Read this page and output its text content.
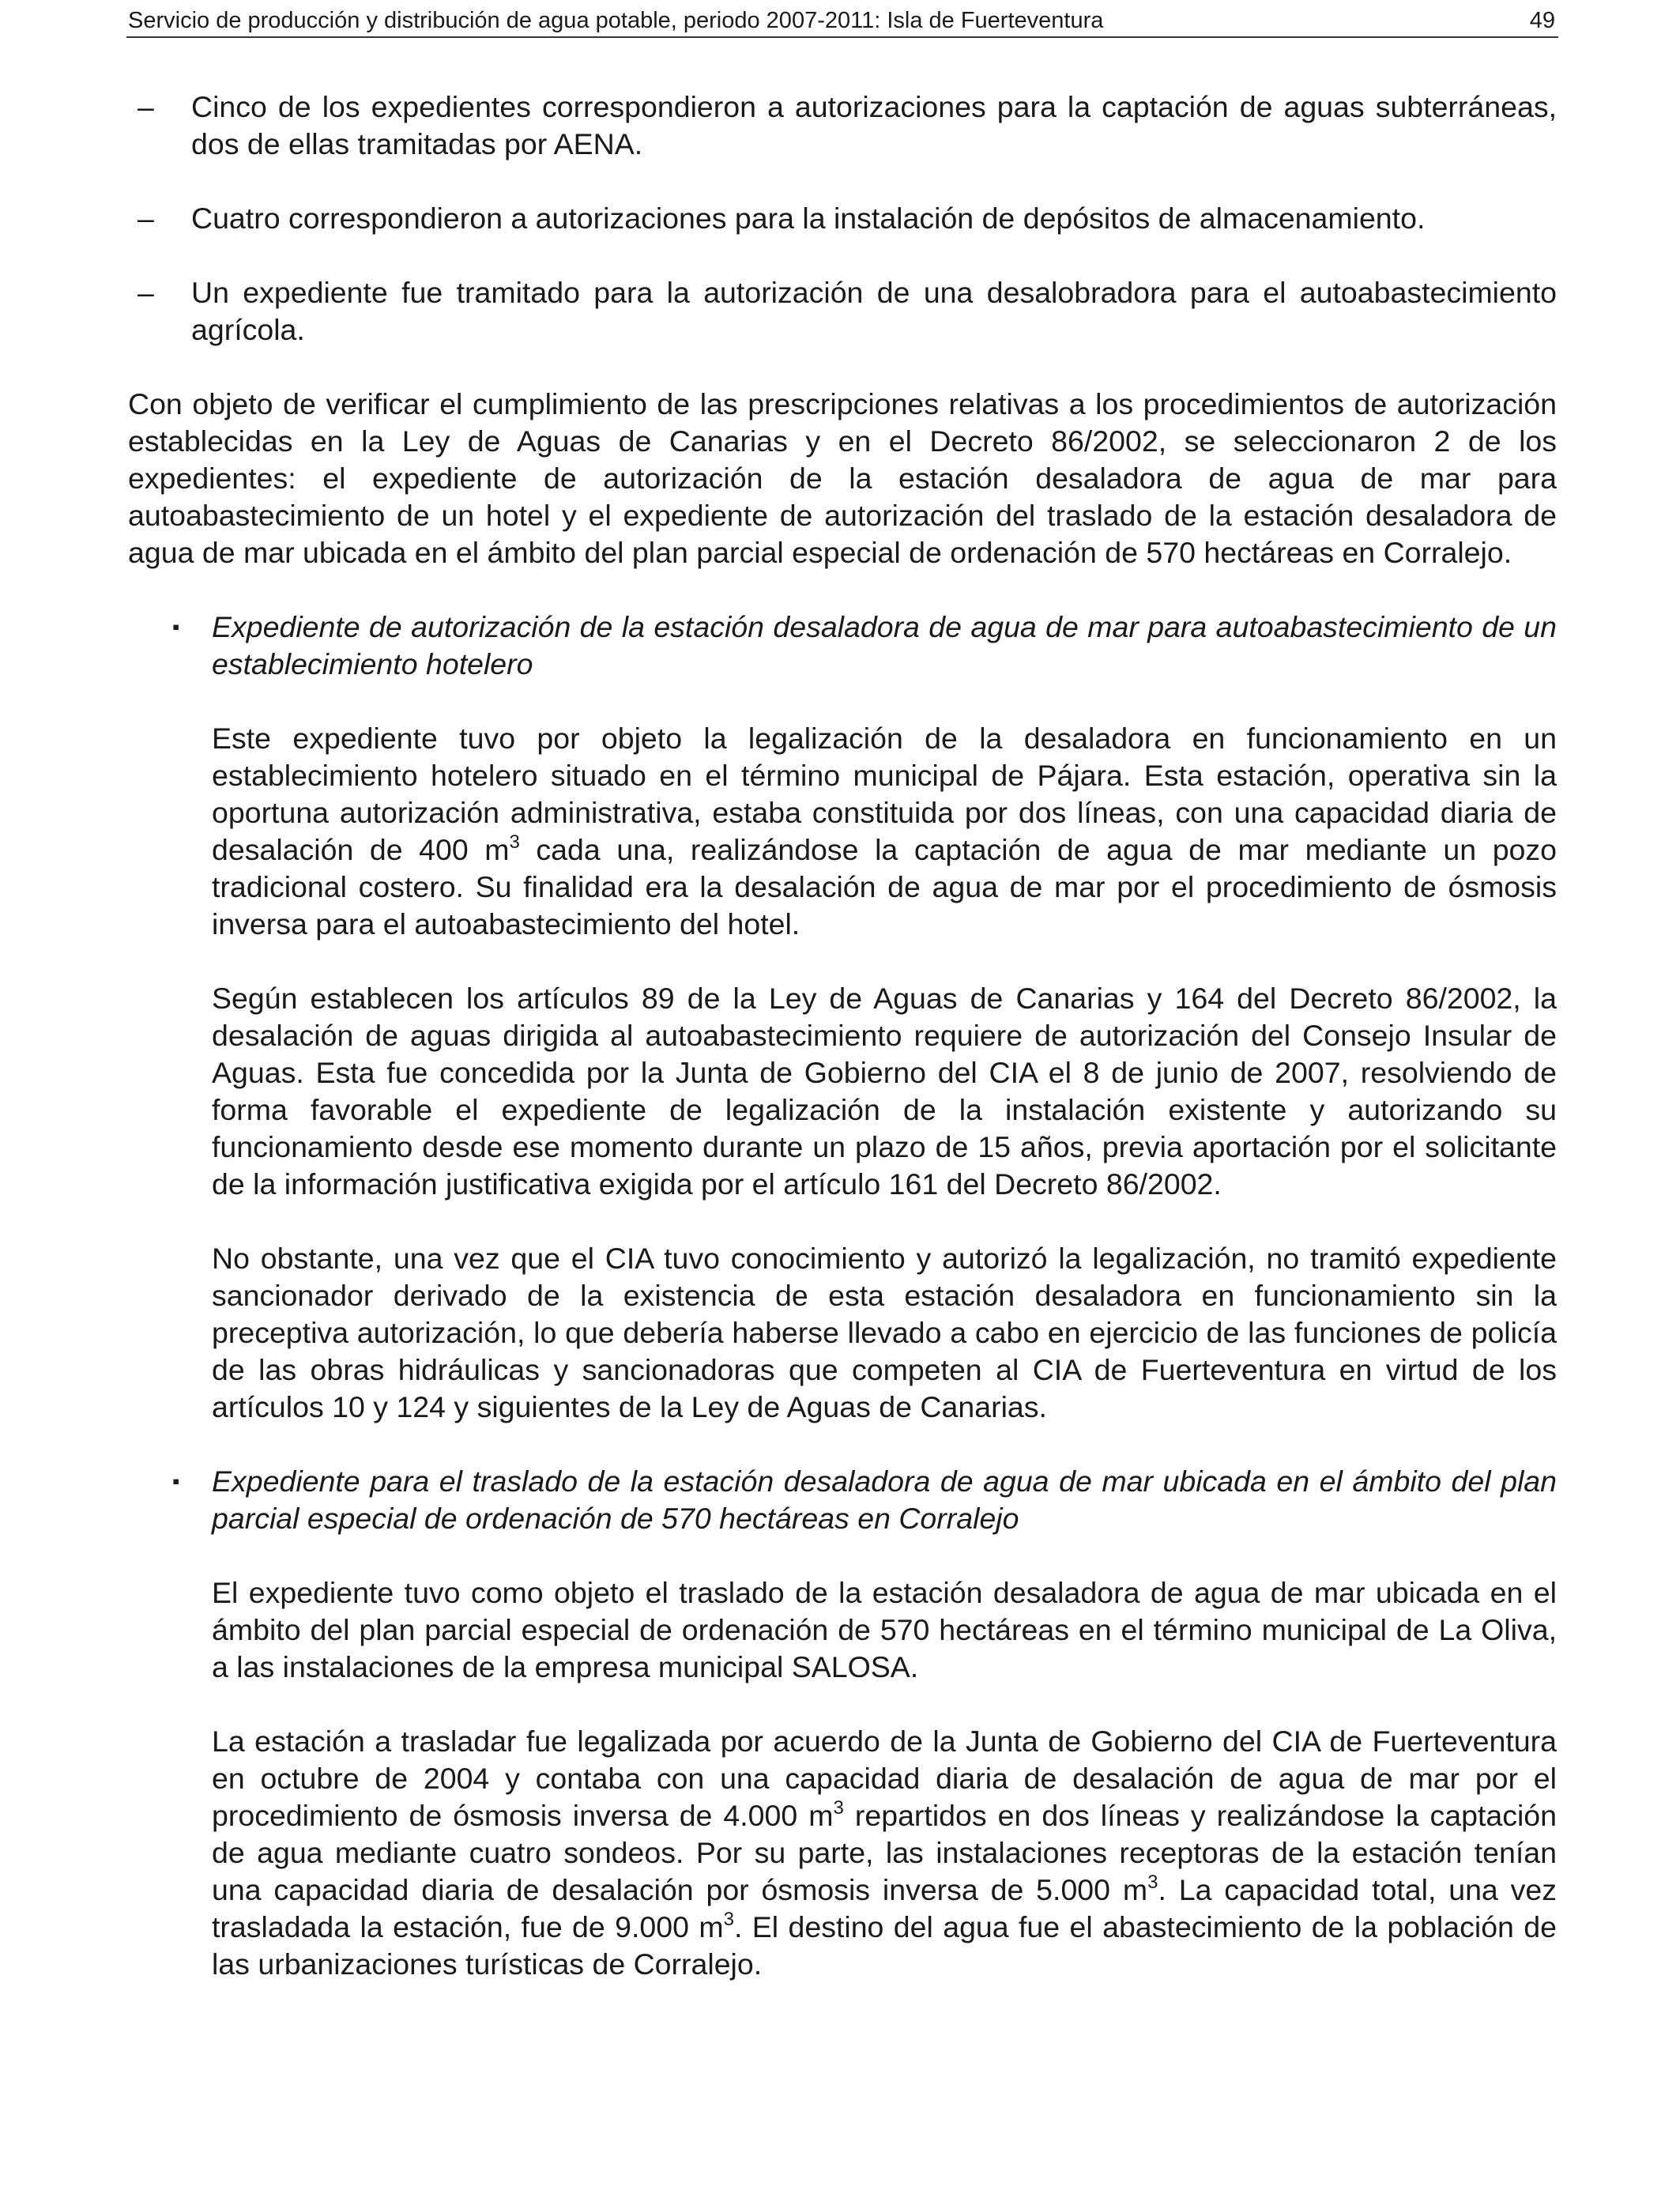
Servicio de producción y distribución de agua potable, periodo 2007-2011: Isla de Fuerteventura	49
– Cinco de los expedientes correspondieron a autorizaciones para la captación de aguas subterráneas, dos de ellas tramitadas por AENA.

– Cuatro correspondieron a autorizaciones para la instalación de depósitos de almacenamiento.

– Un expediente fue tramitado para la autorización de una desalobradora para el autoabastecimiento agrícola.

Con objeto de verificar el cumplimiento de las prescripciones relativas a los procedimientos de autorización establecidas en la Ley de Aguas de Canarias y en el Decreto 86/2002, se seleccionaron 2 de los expedientes: el expediente de autorización de la estación desaladora de agua de mar para autoabastecimiento de un hotel y el expediente de autorización del traslado de la estación desaladora de agua de mar ubicada en el ámbito del plan parcial especial de ordenación de 570 hectáreas en Corralejo.

▪ Expediente de autorización de la estación desaladora de agua de mar para autoabastecimiento de un establecimiento hotelero

Este expediente tuvo por objeto la legalización de la desaladora en funcionamiento en un establecimiento hotelero situado en el término municipal de Pájara. Esta estación, operativa sin la oportuna autorización administrativa, estaba constituida por dos líneas, con una capacidad diaria de desalación de 400 $m^3$ cada una, realizándose la captación de agua de mar mediante un pozo tradicional costero. Su finalidad era la desalación de agua de mar por el procedimiento de ósmosis inversa para el autoabastecimiento del hotel.

Según establecen los artículos 89 de la Ley de Aguas de Canarias y 164 del Decreto 86/2002, la desalación de aguas dirigida al autoabastecimiento requiere de autorización del Consejo Insular de Aguas. Esta fue concedida por la Junta de Gobierno del CIA el 8 de junio de 2007, resolviendo de forma favorable el expediente de legalización de la instalación existente y autorizando su funcionamiento desde ese momento durante un plazo de 15 años, previa aportación por el solicitante de la información justificativa exigida por el artículo 161 del Decreto 86/2002.

No obstante, una vez que el CIA tuvo conocimiento y autorizó la legalización, no tramitó expediente sancionador derivado de la existencia de esta estación desaladora en funcionamiento sin la preceptiva autorización, lo que debería haberse llevado a cabo en ejercicio de las funciones de policía de las obras hidráulicas y sancionadoras que competen al CIA de Fuerteventura en virtud de los artículos 10 y 124 y siguientes de la Ley de Aguas de Canarias.

▪ Expediente para el traslado de la estación desaladora de agua de mar ubicada en el ámbito del plan parcial especial de ordenación de 570 hectáreas en Corralejo

El expediente tuvo como objeto el traslado de la estación desaladora de agua de mar ubicada en el ámbito del plan parcial especial de ordenación de 570 hectáreas en el término municipal de La Oliva, a las instalaciones de la empresa municipal SALOSA.

La estación a trasladar fue legalizada por acuerdo de la Junta de Gobierno del CIA de Fuerteventura en octubre de 2004 y contaba con una capacidad diaria de desalación de agua de mar por el procedimiento de ósmosis inversa de 4.000 $m^3$ repartidos en dos líneas y realizándose la captación de agua mediante cuatro sondeos. Por su parte, las instalaciones receptoras de la estación tenían una capacidad diaria de desalación por ósmosis inversa de 5.000 $m^3$. La capacidad total, una vez trasladada la estación, fue de 9.000 $m^3$. El destino del agua fue el abastecimiento de la población de las urbanizaciones turísticas de Corralejo.
